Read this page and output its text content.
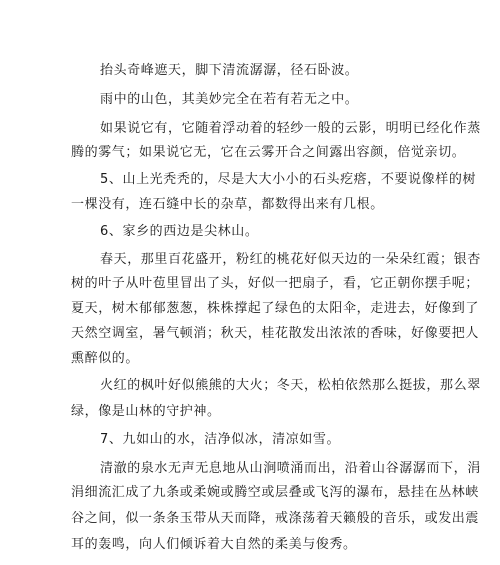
抬头奇峰遮天，脚下清流潺潺，径石卧波。
雨中的山色，其美妙完全在若有若无之中。
如果说它有，它随着浮动着的轻纱一般的云影，明明已经化作蒸
腾的雾气；如果说它无，它在云雾开合之间露出容颜，倍觉亲切。
5、山上光秃秃的，尽是大大小小的石头疙瘩，不要说像样的树
一棵没有，连石缝中长的杂草，都数得出来有几根。
6、家乡的西边是尖林山。
春天，那里百花盛开，粉红的桃花好似天边的一朵朵红霞；银杏
树的叶子从叶苞里冒出了头，好似一把扇子，看，它正朝你摆手呢；
夏天，树木郁郁葱葱，株株撑起了绿色的太阳伞，走进去，好像到了
天然空调室，暑气顿消；秋天，桂花散发出浓浓的香味，好像要把人
熏醉似的。
火红的枫叶好似熊熊的大火；冬天，松柏依然那么挺拔，那么翠
绿，像是山林的守护神。
7、九如山的水，洁净似冰，清凉如雪。
清澈的泉水无声无息地从山涧喷涌而出，沿着山谷潺潺而下，涓
涓细流汇成了九条或柔婉或腾空或层叠或飞泻的瀑布，悬挂在丛林峡
谷之间，似一条条玉带从天而降，戒涤荡着天籁般的音乐，或发出震
耳的轰鸣，向人们倾诉着大自然的柔美与俊秀。
